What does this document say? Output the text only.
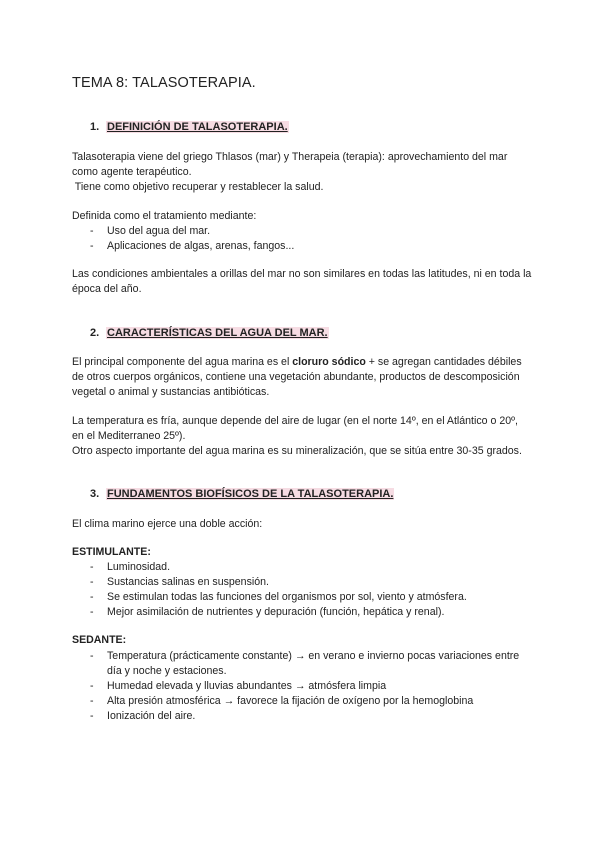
TEMA 8: TALASOTERAPIA.
1. DEFINICIÓN DE TALASOTERAPIA.

Talasoterapia viene del griego Thlasos (mar) y Therapeia (terapia): aprovechamiento del mar como agente terapéutico.

Tiene como objetivo recuperar y restablecer la salud.

Definida como el tratamiento mediante:
- Uso del agua del mar.
- Aplicaciones de algas, arenas, fangos...
Las condiciones ambientales a orillas del mar no son similares en todas las latitudes, ni en toda la época del año.
2. CARACTERÍSTICAS DEL AGUA DEL MAR.
El principal componente del agua marina es el cloruro sódico + se agregan cantidades débiles de otros cuerpos orgánicos, contiene una vegetación abundante, productos de descomposición vegetal o animal y sustancias antibióticas.
La temperatura es fría, aunque depende del aire de lugar (en el norte 14º, en el Atlántico o 20º, en el Mediterraneo 25º).
Otro aspecto importante del agua marina es su mineralización, que se sitúa entre 30-35 grados.
3. FUNDAMENTOS BIOFÍSICOS DE LA TALASOTERAPIA.
El clima marino ejerce una doble acción:
ESTIMULANTE:
- Luminosidad.
- Sustancias salinas en suspensión.
- Se estimulan todas las funciones del organismos por sol, viento y atmósfera.
- Mejor asimilación de nutrientes y depuración (función, hepática y renal).
SEDANTE:
- Temperatura (prácticamente constante) → en verano e invierno pocas variaciones entre día y noche y estaciones.
- Humedad elevada y lluvias abundantes → atmósfera limpia
- Alta presión atmosférica → favorece la fijación de oxígeno por la hemoglobina
- Ionización del aire.
